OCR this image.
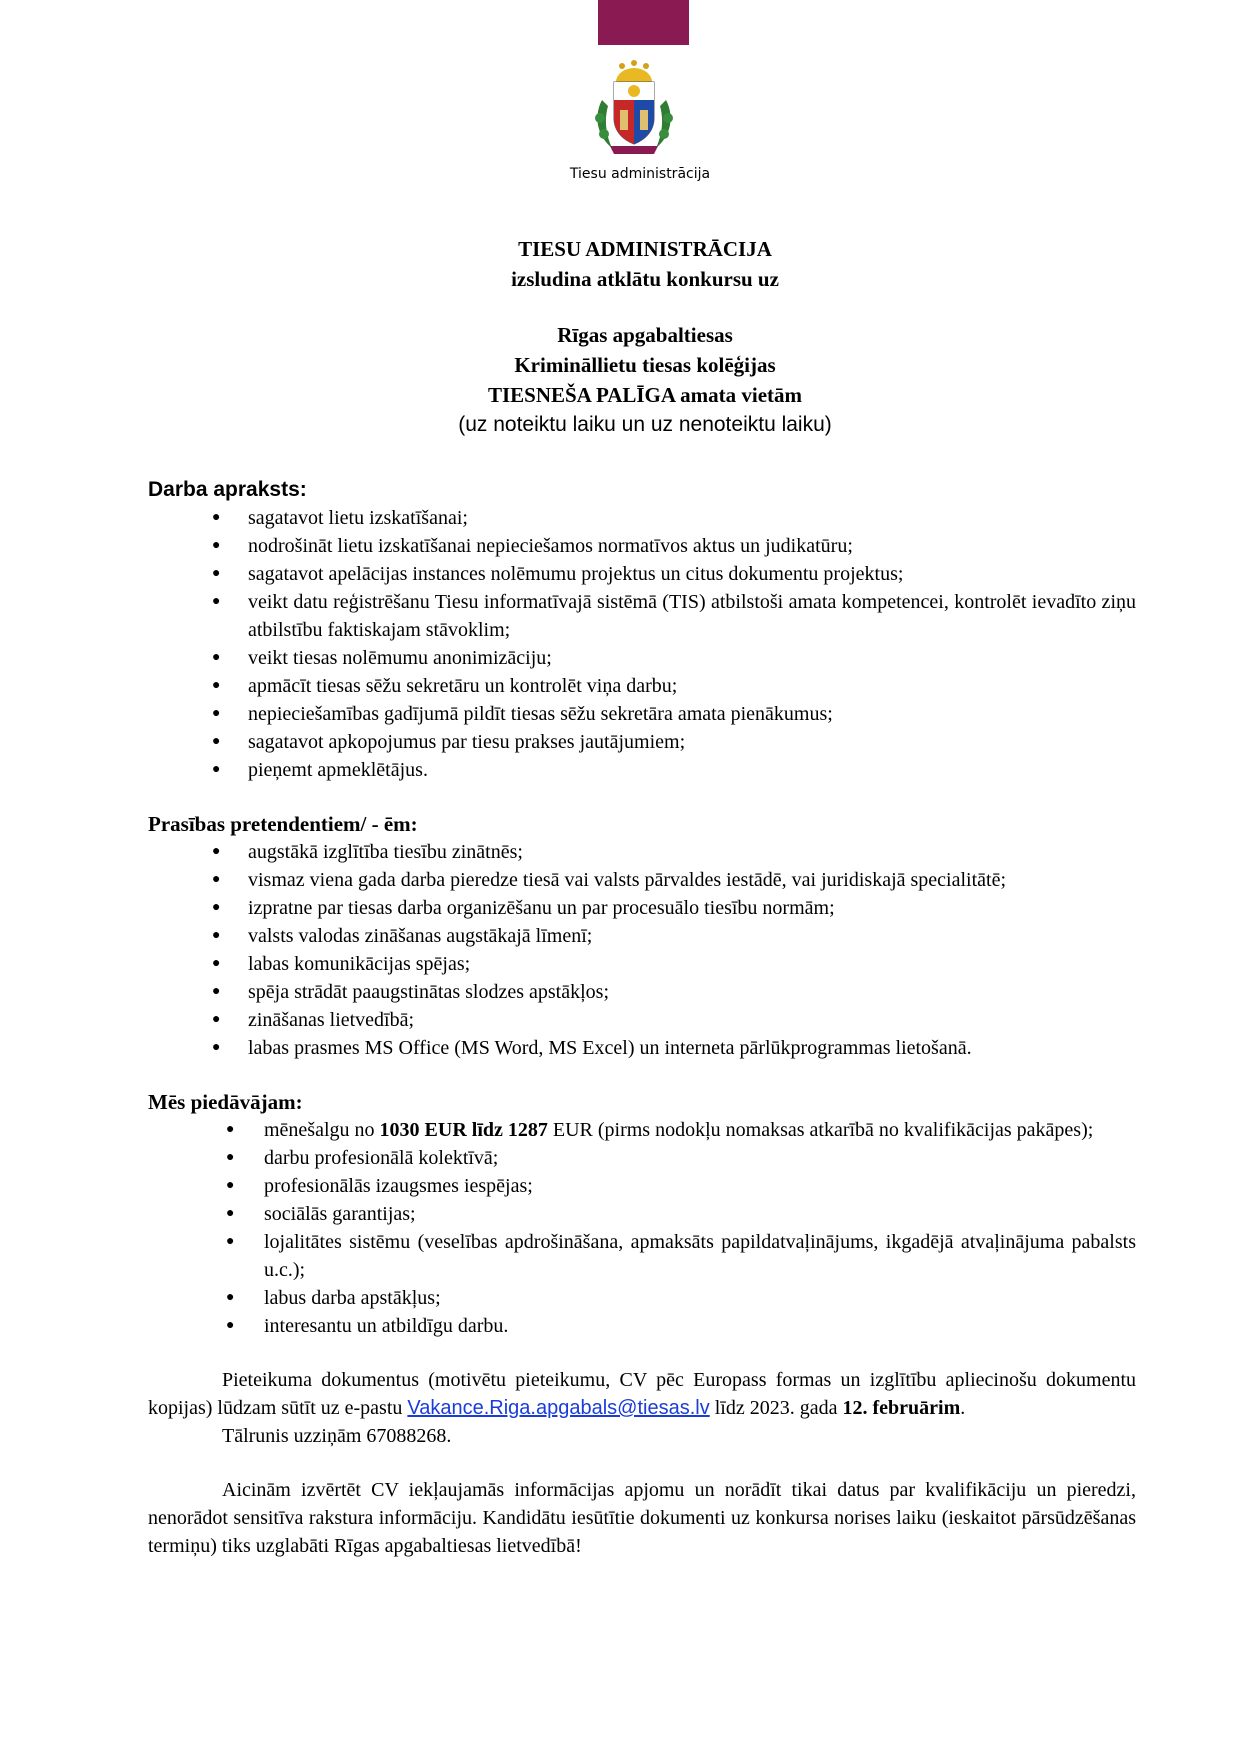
Tiesu administrācija
TIESU ADMINISTRĀCIJA
izsludina atklātu konkursu uz
Rīgas apgabaltiesas
Krimināllietu tiesas kolēģijas
TIESNEŠA PALĪGA amata vietām
(uz noteiktu laiku un uz nenoteiktu laiku)
Darba apraksts:
● sagatavot lietu izskatīšanai;
● nodrošināt lietu izskatīšanai nepieciešamos normatīvos aktus un judikatūru;
● sagatavot apelācijas instances nolēmumu projektus un citus dokumentu projektus;
● veikt datu reģistrēšanu Tiesu informatīvajā sistēmā (TIS) atbilstoši amata kompetencei, kontrolēt ievadīto ziņu atbilstību faktiskajam stāvoklim;
● veikt tiesas nolēmumu anonimizāciju;
● apmācīt tiesas sēžu sekretāru un kontrolēt viņa darbu;
● nepieciešamības gadījumā pildīt tiesas sēžu sekretāra amata pienākumus;
● sagatavot apkopojumus par tiesu prakses jautājumiem;
● pieņemt apmeklētājus.
Prasības pretendentiem/ - ēm:
● augstākā izglītība tiesību zinātnēs;
● vismaz viena gada darba pieredze tiesā vai valsts pārvaldes iestādē, vai juridiskajā specialitātē;
● izpratne par tiesas darba organizēšanu un par procesuālo tiesību normām;
● valsts valodas zināšanas augstākajā līmenī;
● labas komunikācijas spējas;
● spēja strādāt paaugstinātas slodzes apstākļos;
● zināšanas lietvedībā;
● labas prasmes MS Office (MS Word, MS Excel) un interneta pārlūkprogrammas lietošanā.
Mēs piedāvājam:
● mēnešalgu no 1030 EUR līdz 1287 EUR (pirms nodokļu nomaksas atkarībā no kvalifikācijas pakāpes);
● darbu profesionālā kolektīvā;
● profesionālās izaugsmes iespējas;
● sociālās garantijas;
● lojalitātes sistēmu (veselības apdrošināšana, apmaksāts papildatvaļinājums, ikgadējā atvaļinājuma pabalsts u.c.);
● labus darba apstākļus;
● interesantu un atbildīgu darbu.

Pieteikuma dokumentus (motivētu pieteikumu, CV pēc Europass formas un izglītību apliecinošu dokumentu kopijas) lūdzam sūtīt uz e-pastu Vakance.Riga.apgabals@tiesas.lv līdz 2023. gada 12. februārim.

Tālrunis uzziņām 67088268.

Aicinām izvērtēt CV iekļaujamās informācijas apjomu un norādīt tikai datus par kvalifikāciju un pieredzi, nenorādot sensitīva rakstura informāciju. Kandidātu iesūtītie dokumenti uz konkursa norises laiku (ieskaitot pārsūdzēšanas termiņu) tiks uzglabāti Rīgas apgabaltiesas lietvedībā!
